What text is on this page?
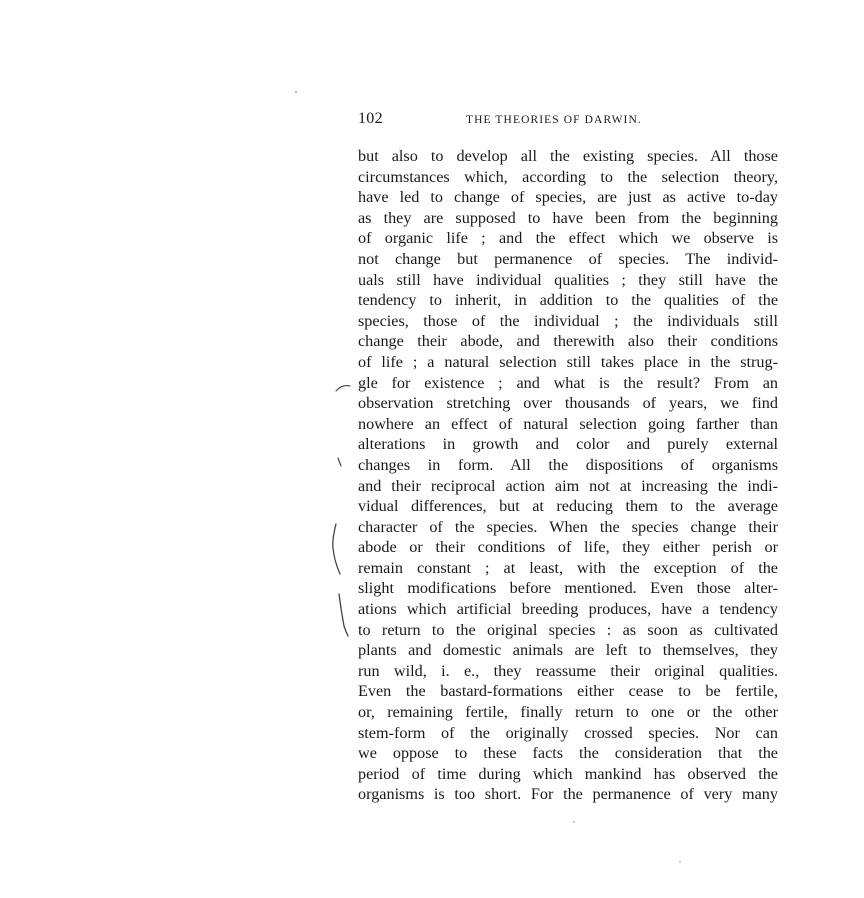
102	THE THEORIES OF DARWIN.
but also to develop all the existing species. All those
circumstances which, according to the selection theory,
have led to change of species, are just as active to-day
as they are supposed to have been from the beginning
of organic life ; and the effect which we observe is
not change but permanence of species. The individ-
uals still have individual qualities ; they still have the
tendency to inherit, in addition to the qualities of the
species, those of the individual ; the individuals still
change their abode, and therewith also their conditions
of life ; a natural selection still takes place in the strug-
gle for existence ; and what is the result? From an
observation stretching over thousands of years, we find
nowhere an effect of natural selection going farther than
alterations in growth and color and purely external
changes in form. All the dispositions of organisms
and their reciprocal action aim not at increasing the indi-
vidual differences, but at reducing them to the average
character of the species. When the species change their
abode or their conditions of life, they either perish or
remain constant ; at least, with the exception of the
slight modifications before mentioned. Even those alter-
ations which artificial breeding produces, have a tendency
to return to the original species : as soon as cultivated
plants and domestic animals are left to themselves, they
run wild, i. e., they reassume their original qualities.
Even the bastard-formations either cease to be fertile,
or, remaining fertile, finally return to one or the other
stem-form of the originally crossed species. Nor can
we oppose to these facts the consideration that the
period of time during which mankind has observed the
organisms is too short. For the permanence of very many
